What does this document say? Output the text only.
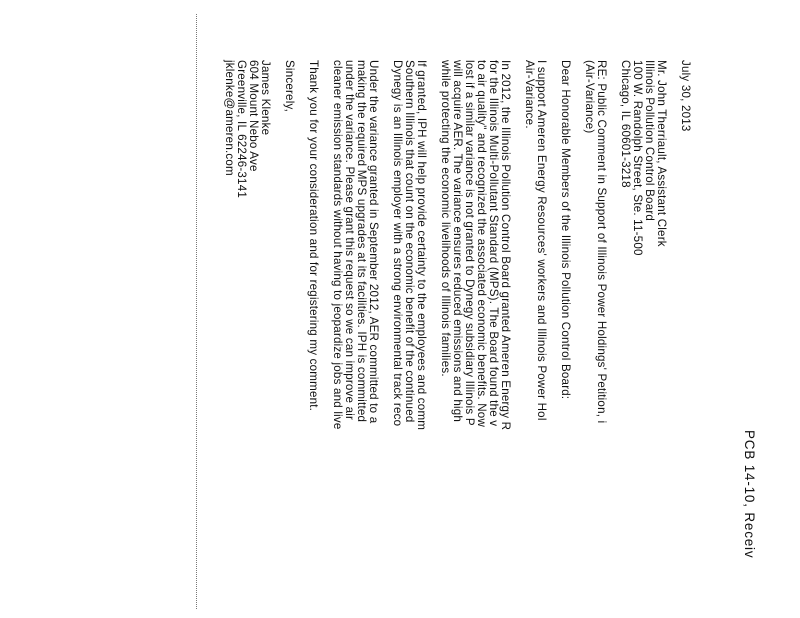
PCB 14-10, Receiv
July 30, 2013
Mr. John Therriault, Assistant Clerk
Illinois Pollution Control Board
100 W. Randolph Street, Ste. 11-500
Chicago, IL 60601-3218
RE: Public Comment in Support of Illinois Power Holdings' Petition, i
(Air-Variance)
Dear Honorable Members of the Illinois Pollution Control Board:
I support Ameren Energy Resources' workers and Illinois Power Hol
Air-Variance.
In 2012, the Illinois Pollution Control Board granted Ameren Energy R
for the Illinois Multi-Pollutant Standard (MPS). The Board found the v
to air quality" and recognized the associated economic benefits. Now
lost if a similar variance is not granted to Dynegy subsidiary Illinois P
will acquire AER. The variance ensures reduced emissions and high
while protecting the economic livelihoods of Illinois families.
If granted, IPH will help provide certainty to the employees and comm
Southern Illinois that count on the economic benefit of the continued
Dynegy is an Illinois employer with a strong environmental track reco
Under the variance granted in September 2012, AER committed to a
making the required MPS upgrades at its facilities. IPH is committed
under the variance. Please grant this request so we can improve air
cleaner emission standards without having to jeopardize jobs and live
Thank you for your consideration and for registering my comment.
Sincerely,
James Klenke
604 Mount Nebo Ave
Greenville, IL 62246-3141
jklenke@ameren.com
